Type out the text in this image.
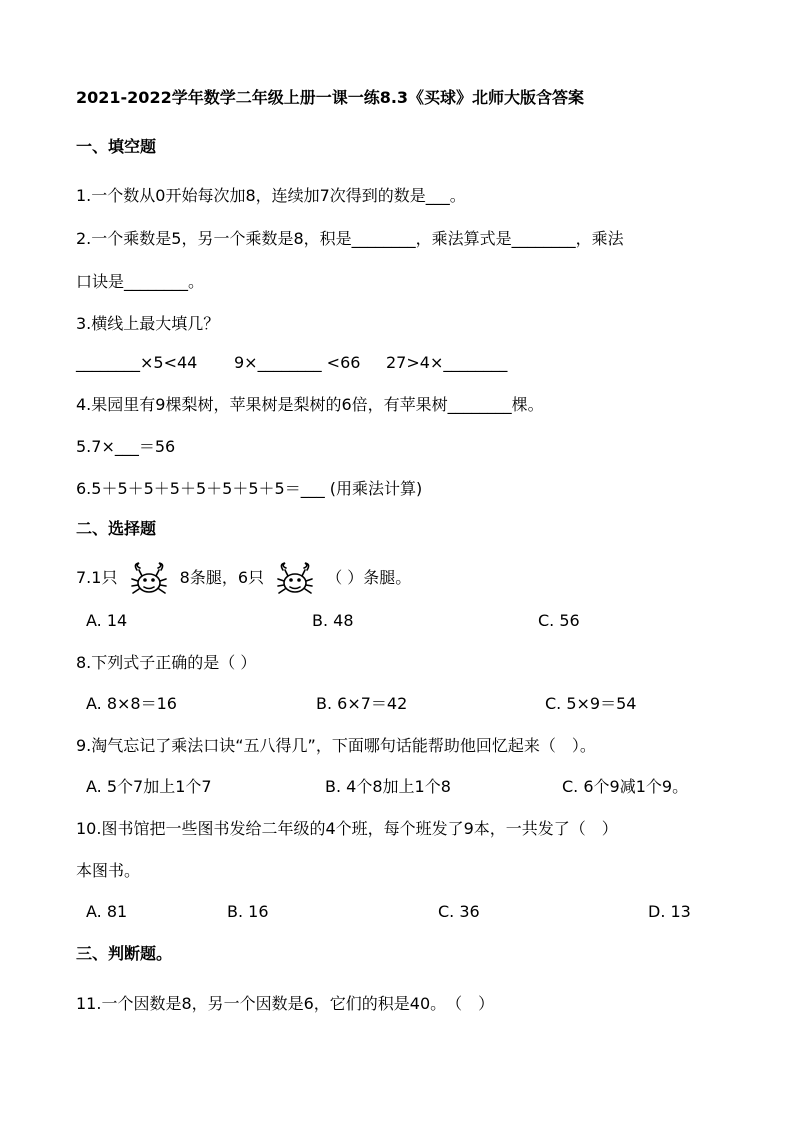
2021-2022学年数学二年级上册一课一练8.3《买球》北师大版含答案
一、填空题
1.一个数从0开始每次加8，连续加7次得到的数是___。
2.一个乘数是5，另一个乘数是8，积是________，乘法算式是________，乘法
口诀是________。
3.横线上最大填几？
________×5<44 9×________ <66 27>4×________
4.果园里有9棵梨树，苹果树是梨树的6倍，有苹果树________棵。
5.7×___＝56
6.5＋5＋5＋5＋5＋5＋5＋5＝___ (用乘法计算)
二、选择题
7.1只	8条腿，6只	（ ）条腿。
A. 14	B. 48	C. 56
8.下列式子正确的是（ ）
A. 8×8＝16	B. 6×7＝42	C. 5×9＝54
9.淘气忘记了乘法口诀“五八得几”，下面哪句话能帮助他回忆起来（　）。
A. 5个7加上1个7	B. 4个8加上1个8	C. 6个9减1个9。
10.图书馆把一些图书发给二年级的4个班，每个班发了9本，一共发了（　）
本图书。
A. 81	B. 16	C. 36	D. 13
三、判断题。
11.一个因数是8，另一个因数是6，它们的积是40。　（　）
